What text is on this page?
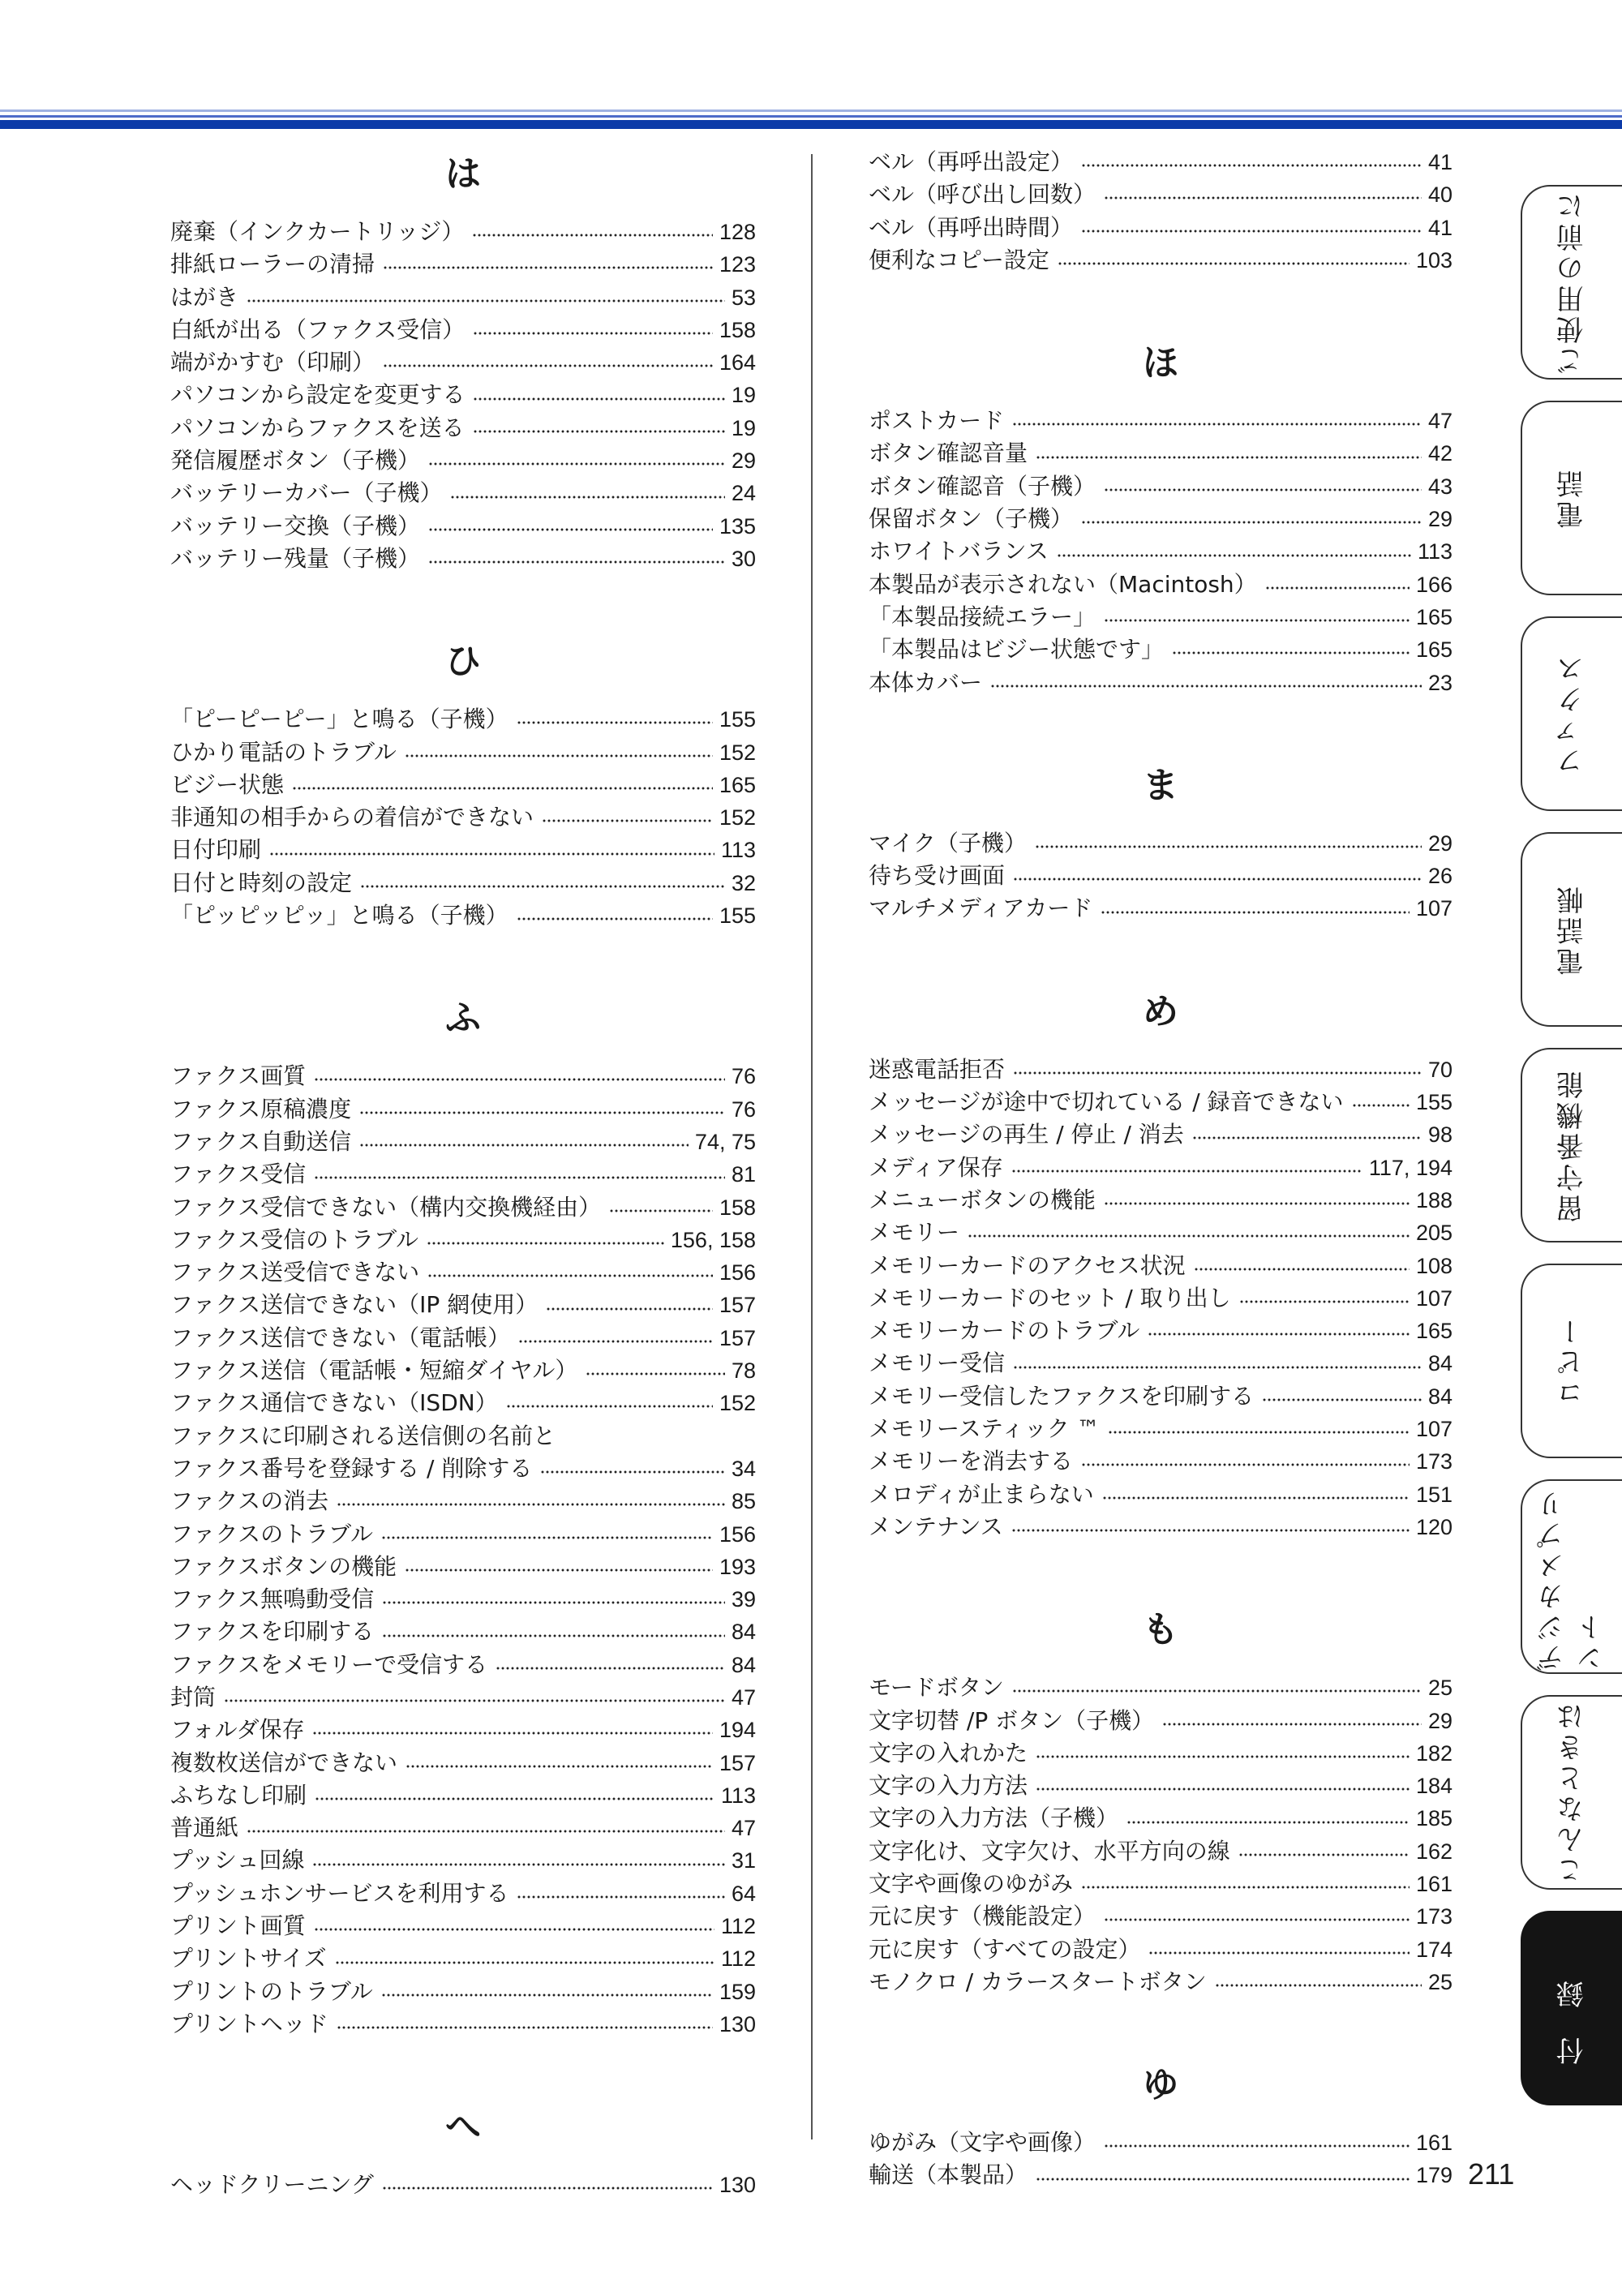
は
廃棄（インクカートリッジ）	128
排紙ローラーの清掃	123
はがき	53
白紙が出る（ファクス受信）	158
端がかすむ（印刷）	164
パソコンから設定を変更する	19
パソコンからファクスを送る	19
発信履歴ボタン（子機）	29
バッテリーカバー（子機）	24
バッテリー交換（子機）	135
バッテリー残量（子機）	30
ひ
「ピーピーピー」と鳴る（子機）	155
ひかり電話のトラブル	152
ビジー状態	165
非通知の相手からの着信ができない	152
日付印刷	113
日付と時刻の設定	32
「ピッピッピッ」と鳴る（子機）	155
ふ
ファクス画質	76
ファクス原稿濃度	76
ファクス自動送信	74, 75
ファクス受信	81
ファクス受信できない（構内交換機経由）	158
ファクス受信のトラブル	156, 158
ファクス送受信できない	156
ファクス送信できない（IP 網使用）	157
ファクス送信できない（電話帳）	157
ファクス送信（電話帳・短縮ダイヤル）	78
ファクス通信できない（ISDN）	152
ファクスに印刷される送信側の名前と
ファクス番号を登録する / 削除する	34
ファクスの消去	85
ファクスのトラブル	156
ファクスボタンの機能	193
ファクス無鳴動受信	39
ファクスを印刷する	84
ファクスをメモリーで受信する	84
封筒	47
フォルダ保存	194
複数枚送信ができない	157
ふちなし印刷	113
普通紙	47
プッシュ回線	31
プッシュホンサービスを利用する	64
プリント画質	112
プリントサイズ	112
プリントのトラブル	159
プリントヘッド	130
へ
ヘッドクリーニング	130
ベル（再呼出設定）	41
ベル（呼び出し回数）	40
ベル（再呼出時間）	41
便利なコピー設定	103
ほ
ポストカード	47
ボタン確認音量	42
ボタン確認音（子機）	43
保留ボタン（子機）	29
ホワイトバランス	113
本製品が表示されない（Macintosh）	166
「本製品接続エラー」	165
「本製品はビジー状態です」	165
本体カバー	23
ま
マイク（子機）	29
待ち受け画面	26
マルチメディアカード	107
め
迷惑電話拒否	70
メッセージが途中で切れている / 録音できない	155
メッセージの再生 / 停止 / 消去	98
メディア保存	117, 194
メニューボタンの機能	188
メモリー	205
メモリーカードのアクセス状況	108
メモリーカードのセット / 取り出し	107
メモリーカードのトラブル	165
メモリー受信	84
メモリー受信したファクスを印刷する	84
メモリースティック ™	107
メモリーを消去する	173
メロディが止まらない	151
メンテナンス	120
も
モードボタン	25
文字切替 /P ボタン（子機）	29
文字の入れかた	182
文字の入力方法	184
文字の入力方法（子機）	185
文字化け、文字欠け、水平方向の線	162
文字や画像のゆがみ	161
元に戻す（機能設定）	173
元に戻す（すべての設定）	174
モノクロ / カラースタートボタン	25
ゆ
ゆがみ（文字や画像）	161
輸送（本製品）	179
ご使用の前に
電話
ファクス
電話帳
留守番機能
コピー
デジカメプリント
こんなときは
付録
211
